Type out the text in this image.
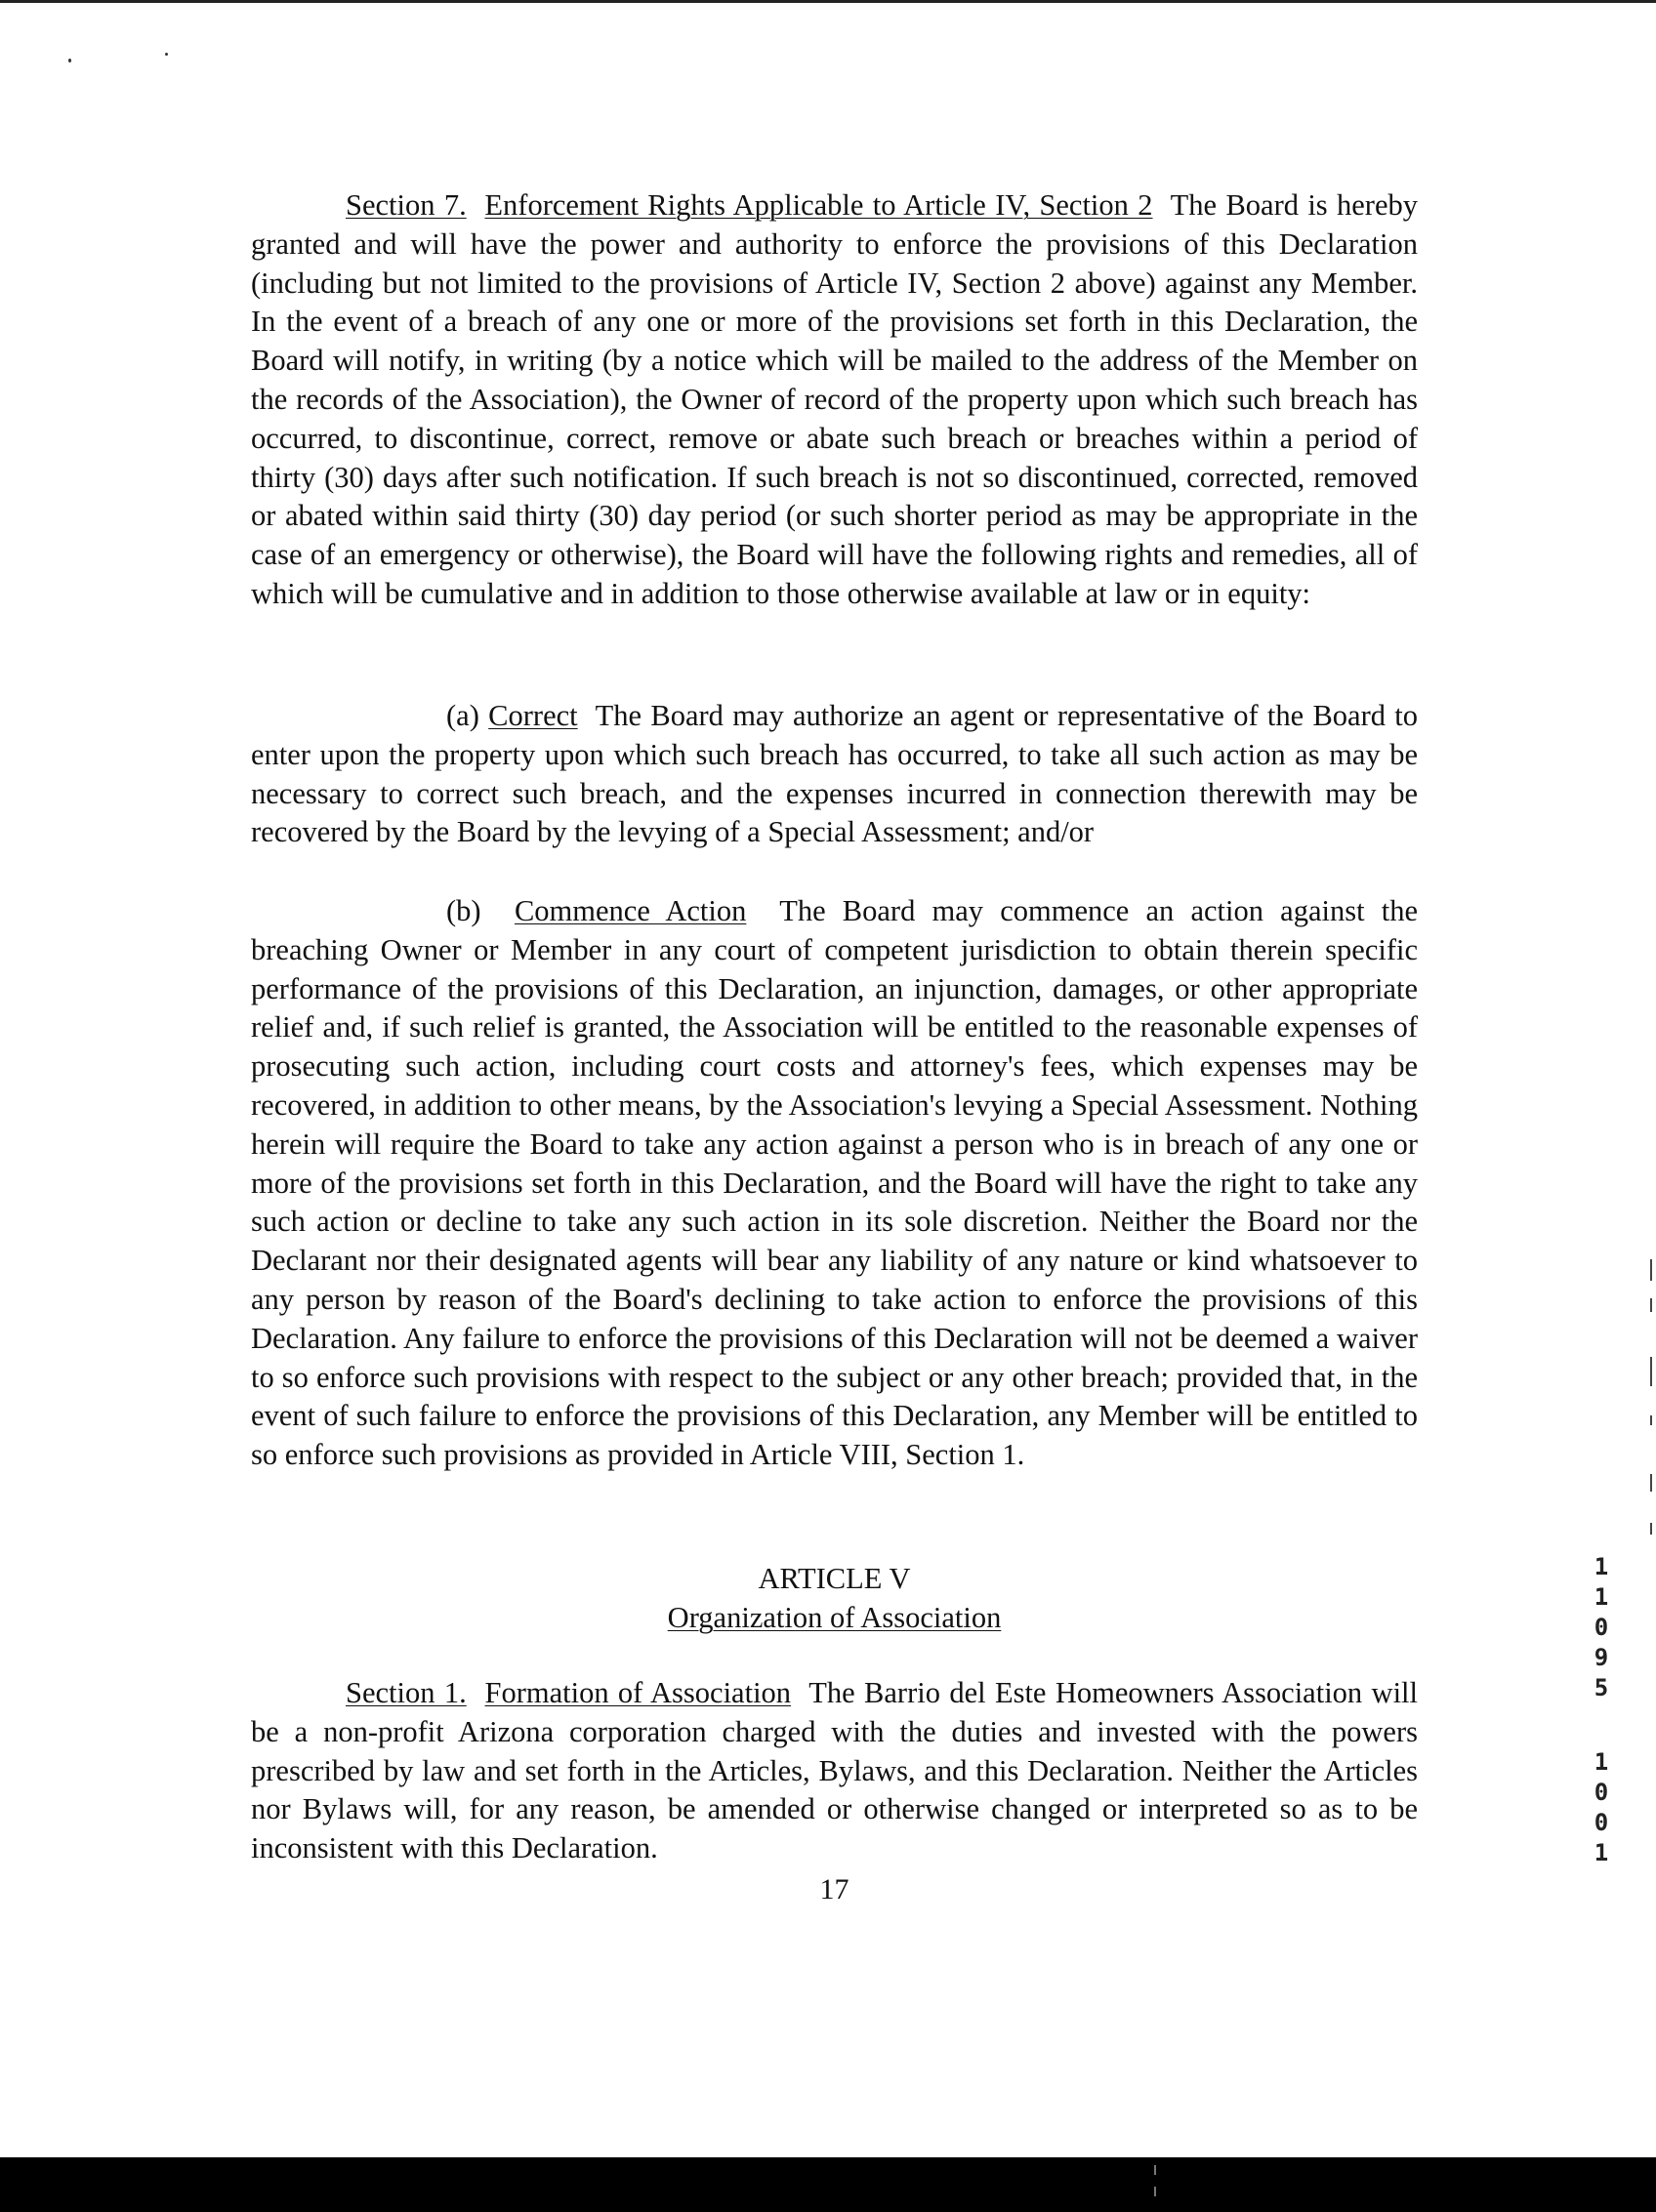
Section 7. Enforcement Rights Applicable to Article IV, Section 2 The Board is hereby granted and will have the power and authority to enforce the provisions of this Declaration (including but not limited to the provisions of Article IV, Section 2 above) against any Member. In the event of a breach of any one or more of the provisions set forth in this Declaration, the Board will notify, in writing (by a notice which will be mailed to the address of the Member on the records of the Association), the Owner of record of the property upon which such breach has occurred, to discontinue, correct, remove or abate such breach or breaches within a period of thirty (30) days after such notification. If such breach is not so discontinued, corrected, removed or abated within said thirty (30) day period (or such shorter period as may be appropriate in the case of an emergency or otherwise), the Board will have the following rights and remedies, all of which will be cumulative and in addition to those otherwise available at law or in equity:

(a) Correct The Board may authorize an agent or representative of the Board to enter upon the property upon which such breach has occurred, to take all such action as may be necessary to correct such breach, and the expenses incurred in connection therewith may be recovered by the Board by the levying of a Special Assessment; and/or

(b) Commence Action The Board may commence an action against the breaching Owner or Member in any court of competent jurisdiction to obtain therein specific performance of the provisions of this Declaration, an injunction, damages, or other appropriate relief and, if such relief is granted, the Association will be entitled to the reasonable expenses of prosecuting such action, including court costs and attorney's fees, which expenses may be recovered, in addition to other means, by the Association's levying a Special Assessment. Nothing herein will require the Board to take any action against a person who is in breach of any one or more of the provisions set forth in this Declaration, and the Board will have the right to take any such action or decline to take any such action in its sole discretion. Neither the Board nor the Declarant nor their designated agents will bear any liability of any nature or kind whatsoever to any person by reason of the Board's declining to take action to enforce the provisions of this Declaration. Any failure to enforce the provisions of this Declaration will not be deemed a waiver to so enforce such provisions with respect to the subject or any other breach; provided that, in the event of such failure to enforce the provisions of this Declaration, any Member will be entitled to so enforce such provisions as provided in Article VIII, Section 1.

ARTICLE V

Organization of Association

Section 1. Formation of Association The Barrio del Este Homeowners Association will be a non-profit Arizona corporation charged with the duties and invested with the powers prescribed by law and set forth in the Articles, Bylaws, and this Declaration. Neither the Articles nor Bylaws will, for any reason, be amended or otherwise changed or interpreted so as to be inconsistent with this Declaration.

17
1
1
0
9
5
1
0
0
1
